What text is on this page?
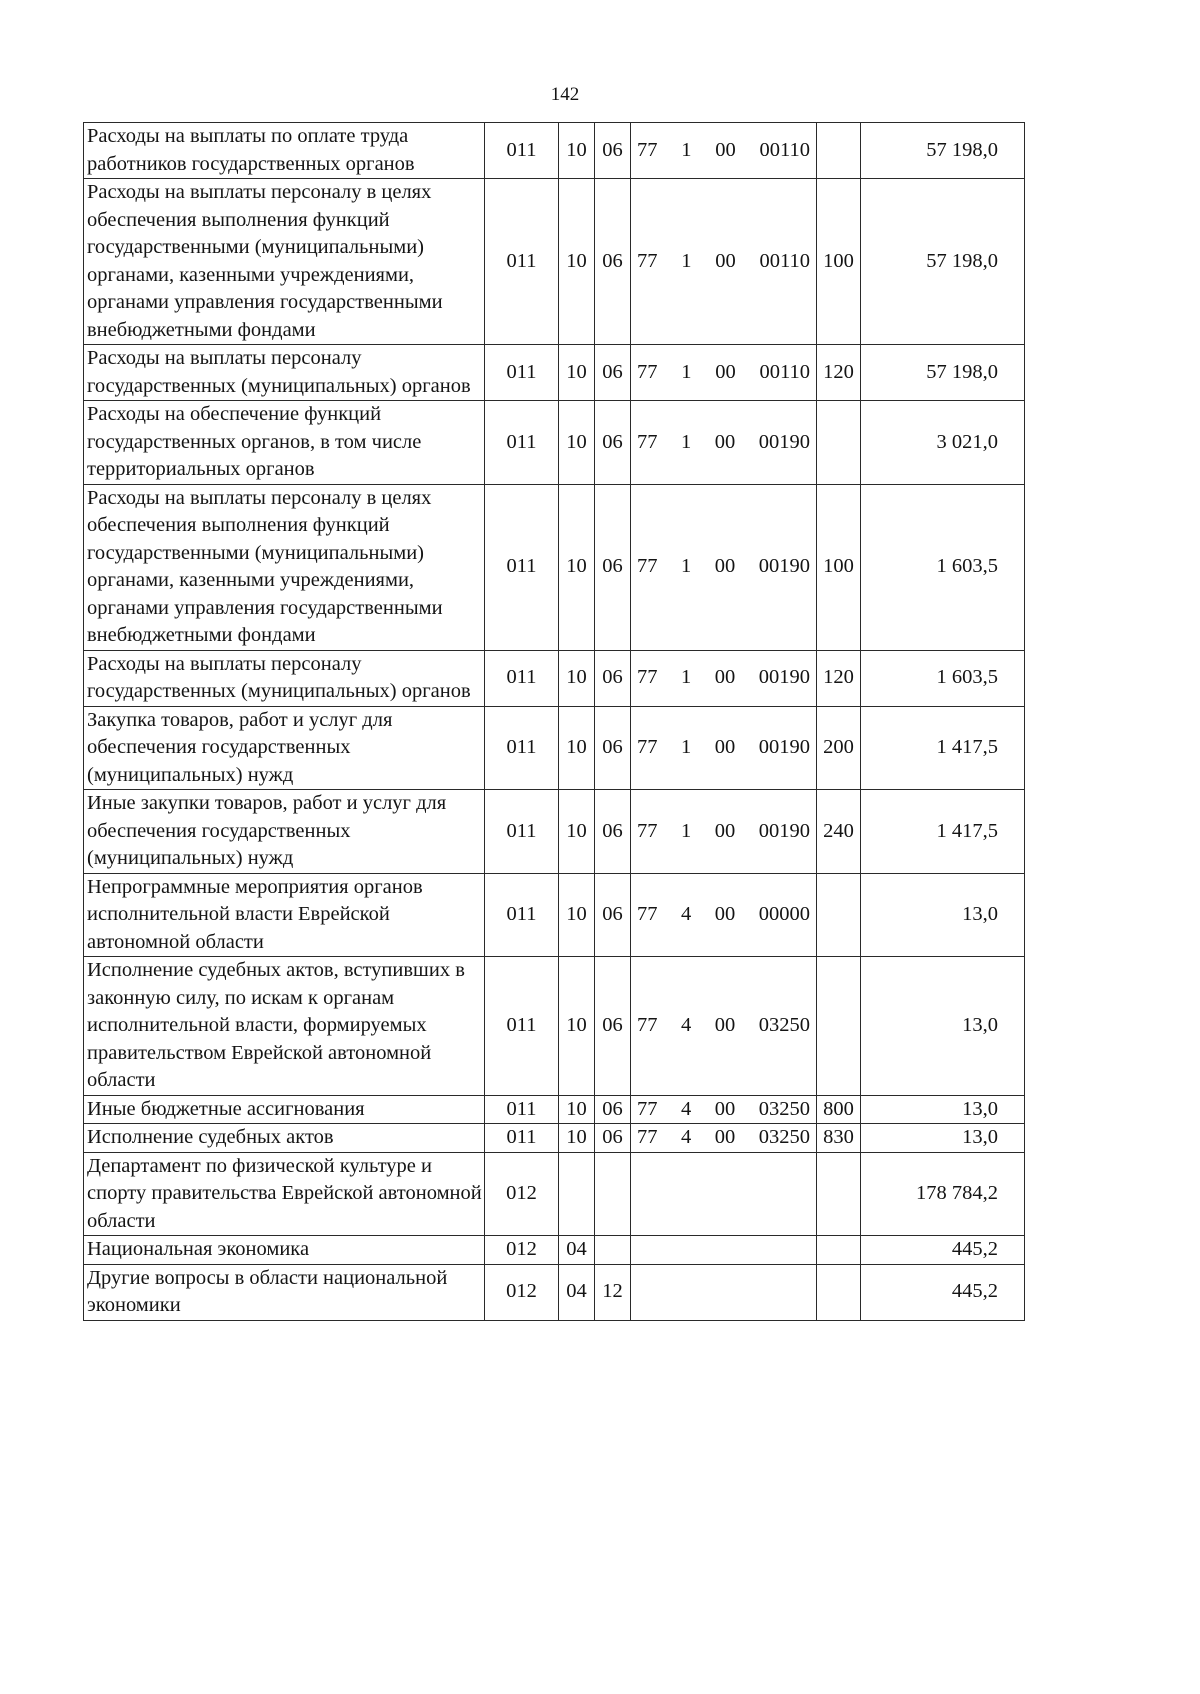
142
Расходы на выплаты по оплате труда работников государственных органов	011	10	06	77 1 00 00110		57 198,0
Расходы на выплаты персоналу в целях обеспечения выполнения функций государственными (муниципальными) органами, казенными учреждениями, органами управления государственными внебюджетными фондами	011	10	06	77 1 00 00110	100	57 198,0
Расходы на выплаты персоналу государственных (муниципальных) органов	011	10	06	77 1 00 00110	120	57 198,0
Расходы на обеспечение функций государственных органов, в том числе территориальных органов	011	10	06	77 1 00 00190		3 021,0
Расходы на выплаты персоналу в целях обеспечения выполнения функций государственными (муниципальными) органами, казенными учреждениями, органами управления государственными внебюджетными фондами	011	10	06	77 1 00 00190	100	1 603,5
Расходы на выплаты персоналу государственных (муниципальных) органов	011	10	06	77 1 00 00190	120	1 603,5
Закупка товаров, работ и услуг для обеспечения государственных (муниципальных) нужд	011	10	06	77 1 00 00190	200	1 417,5
Иные закупки товаров, работ и услуг для обеспечения государственных (муниципальных) нужд	011	10	06	77 1 00 00190	240	1 417,5
Непрограммные мероприятия органов исполнительной власти Еврейской автономной области	011	10	06	77 4 00 00000		13,0
Исполнение судебных актов, вступивших в законную силу, по искам к органам исполнительной власти, формируемых правительством Еврейской автономной области	011	10	06	77 4 00 03250		13,0
Иные бюджетные ассигнования	011	10	06	77 4 00 03250	800	13,0
Исполнение судебных актов	011	10	06	77 4 00 03250	830	13,0
Департамент по физической культуре и спорту правительства Еврейской автономной области	012					178 784,2
Национальная экономика	012	04				445,2
Другие вопросы в области национальной экономики	012	04	12			445,2
